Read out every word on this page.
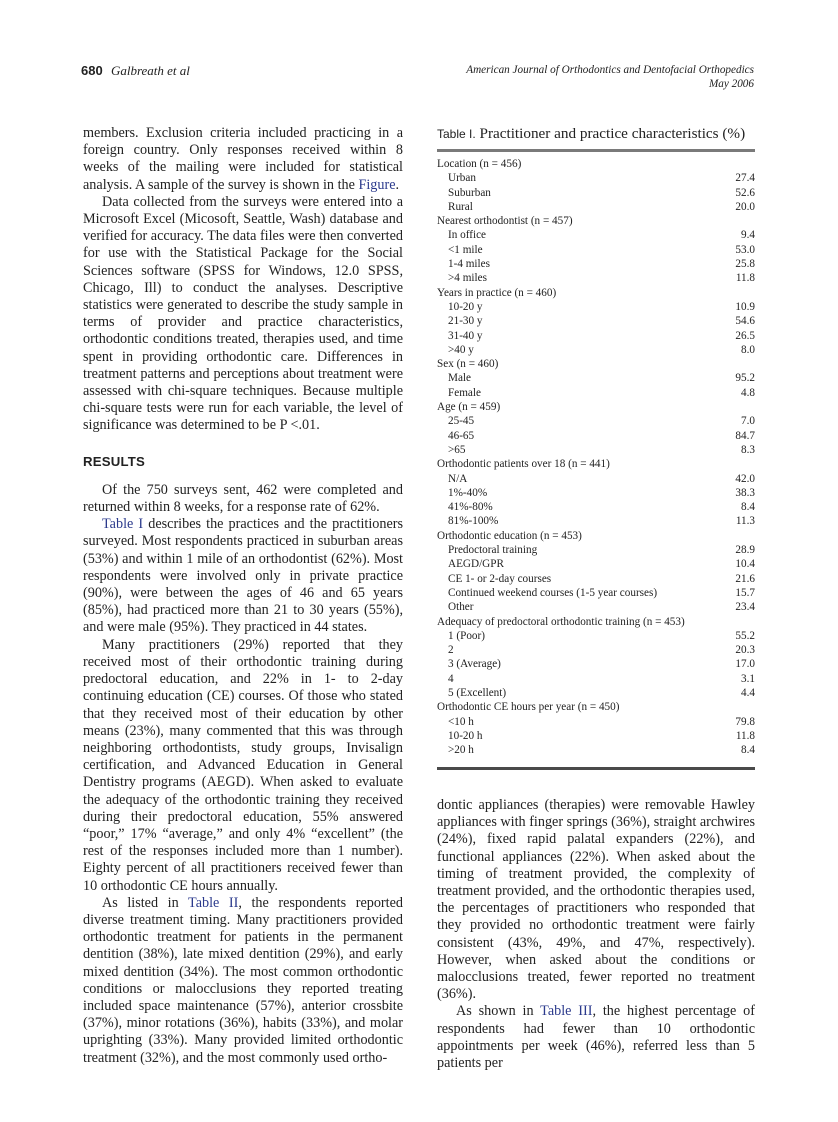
680 Galbreath et al	American Journal of Orthodontics and Dentofacial Orthopedics
May 2006

members. Exclusion criteria included practicing in a foreign country. Only responses received within 8 weeks of the mailing were included for statistical analysis. A sample of the survey is shown in the Figure.

Data collected from the surveys were entered into a Microsoft Excel (Micosoft, Seattle, Wash) database and verified for accuracy. The data files were then converted for use with the Statistical Package for the Social Sciences software (SPSS for Windows, 12.0 SPSS, Chicago, Ill) to conduct the analyses. Descriptive statistics were generated to describe the study sample in terms of provider and practice characteristics, orthodontic conditions treated, therapies used, and time spent in providing orthodontic care. Differences in treatment patterns and perceptions about treatment were assessed with chi-square techniques. Because multiple chi-square tests were run for each variable, the level of significance was determined to be P <.01.

RESULTS

Of the 750 surveys sent, 462 were completed and returned within 8 weeks, for a response rate of 62%.

Table I describes the practices and the practitioners surveyed. Most respondents practiced in suburban areas (53%) and within 1 mile of an orthodontist (62%). Most respondents were involved only in private practice (90%), were between the ages of 46 and 65 years (85%), had practiced more than 21 to 30 years (55%), and were male (95%). They practiced in 44 states.

Many practitioners (29%) reported that they received most of their orthodontic training during predoctoral education, and 22% in 1- to 2-day continuing education (CE) courses. Of those who stated that they received most of their education by other means (23%), many commented that this was through neighboring orthodontists, study groups, Invisalign certification, and Advanced Education in General Dentistry programs (AEGD). When asked to evaluate the adequacy of the orthodontic training they received during their predoctoral education, 55% answered “poor,” 17% “average,” and only 4% “excellent” (the rest of the responses included more than 1 number). Eighty percent of all practitioners received fewer than 10 orthodontic CE hours annually.

As listed in Table II, the respondents reported diverse treatment timing. Many practitioners provided orthodontic treatment for patients in the permanent dentition (38%), late mixed dentition (29%), and early mixed dentition (34%). The most common orthodontic conditions or malocclusions they reported treating included space maintenance (57%), anterior crossbite (37%), minor rotations (36%), habits (33%), and molar uprighting (33%). Many provided limited orthodontic treatment (32%), and the most commonly used ortho-

Table I. Practitioner and practice characteristics (%)
Location (n = 456)
Urban	27.4
Suburban	52.6
Rural	20.0
Nearest orthodontist (n = 457)
In office	9.4
<1 mile	53.0
1-4 miles	25.8
>4 miles	11.8
Years in practice (n = 460)
10-20 y	10.9
21-30 y	54.6
31-40 y	26.5
>40 y	8.0
Sex (n = 460)
Male	95.2
Female	4.8
Age (n = 459)
25-45	7.0
46-65	84.7
>65	8.3
Orthodontic patients over 18 (n = 441)
N/A	42.0
1%-40%	38.3
41%-80%	8.4
81%-100%	11.3
Orthodontic education (n = 453)
Predoctoral training	28.9
AEGD/GPR	10.4
CE 1- or 2-day courses	21.6
Continued weekend courses (1-5 year courses)	15.7
Other	23.4
Adequacy of predoctoral orthodontic training (n = 453)
1 (Poor)	55.2
2	20.3
3 (Average)	17.0
4	3.1
5 (Excellent)	4.4
Orthodontic CE hours per year (n = 450)
<10 h	79.8
10-20 h	11.8
>20 h	8.4

dontic appliances (therapies) were removable Hawley appliances with finger springs (36%), straight archwires (24%), fixed rapid palatal expanders (22%), and functional appliances (22%). When asked about the timing of treatment provided, the complexity of treatment provided, and the orthodontic therapies used, the percentages of practitioners who responded that they provided no orthodontic treatment were fairly consistent (43%, 49%, and 47%, respectively). However, when asked about the conditions or malocclusions treated, fewer reported no treatment (36%).

As shown in Table III, the highest percentage of respondents had fewer than 10 orthodontic appointments per week (46%), referred less than 5 patients per
